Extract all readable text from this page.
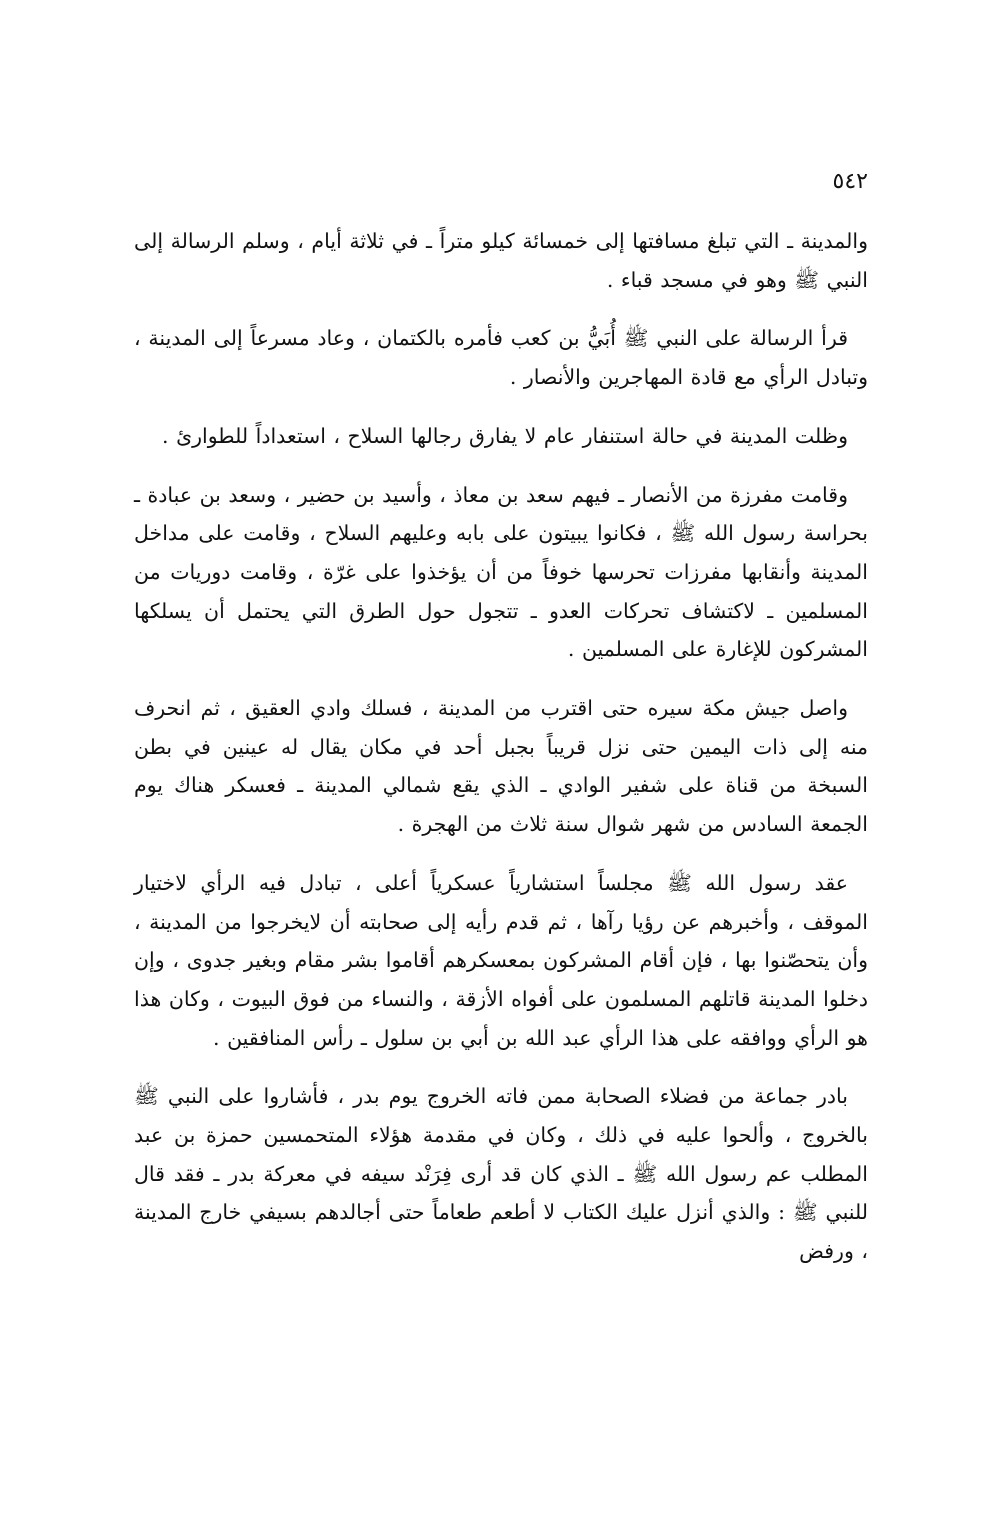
٥٤٢

والمدينة ـ التي تبلغ مسافتها إلى خمسائة كيلو متراً ـ في ثلاثة أيام ، وسلم الرسالة إلى النبي ﷺ وهو في مسجد قباء .

قرأ الرسالة على النبي ﷺ أُبَيُّ بن كعب فأمره بالكتمان ، وعاد مسرعاً إلى المدينة ، وتبادل الرأي مع قادة المهاجرين والأنصار .

وظلت المدينة في حالة استنفار عام لا يفارق رجالها السلاح ، استعداداً للطوارئ .

وقامت مفرزة من الأنصار ـ فيهم سعد بن معاذ ، وأسيد بن حضير ، وسعد بن عبادة ـ بحراسة رسول الله ﷺ ، فكانوا يبيتون على بابه وعليهم السلاح ، وقامت على مداخل المدينة وأنقابها مفرزات تحرسها خوفاً من أن يؤخذوا على غرّة ، وقامت دوريات من المسلمين ـ لاكتشاف تحركات العدو ـ تتجول حول الطرق التي يحتمل أن يسلكها المشركون للإغارة على المسلمين .

واصل جيش مكة سيره حتى اقترب من المدينة ، فسلك وادي العقيق ، ثم انحرف منه إلى ذات اليمين حتى نزل قريباً بجبل أحد في مكان يقال له عينين في بطن السبخة من قناة على شفير الوادي ـ الذي يقع شمالي المدينة ـ فعسكر هناك يوم الجمعة السادس من شهر شوال سنة ثلاث من الهجرة .

عقد رسول الله ﷺ مجلساً استشارياً عسكرياً أعلى ، تبادل فيه الرأي لاختيار الموقف ، وأخبرهم عن رؤيا رآها ، ثم قدم رأيه إلى صحابته أن لايخرجوا من المدينة ، وأن يتحصّنوا بها ، فإن أقام المشركون بمعسكرهم أقاموا بشر مقام وبغير جدوى ، وإن دخلوا المدينة قاتلهم المسلمون على أفواه الأزقة ، والنساء من فوق البيوت ، وكان هذا هو الرأي ووافقه على هذا الرأي عبد الله بن أبي بن سلول ـ رأس المنافقين .

بادر جماعة من فضلاء الصحابة ممن فاته الخروج يوم بدر ، فأشاروا على النبي ﷺ بالخروج ، وألحوا عليه في ذلك ، وكان في مقدمة هؤلاء المتحمسين حمزة بن عبد المطلب عم رسول الله ﷺ ـ الذي كان قد أرى فِرَنْد سيفه في معركة بدر ـ فقد قال للنبي ﷺ : والذي أنزل عليك الكتاب لا أطعم طعاماً حتى أجالدهم بسيفي خارج المدينة ، ورفض
